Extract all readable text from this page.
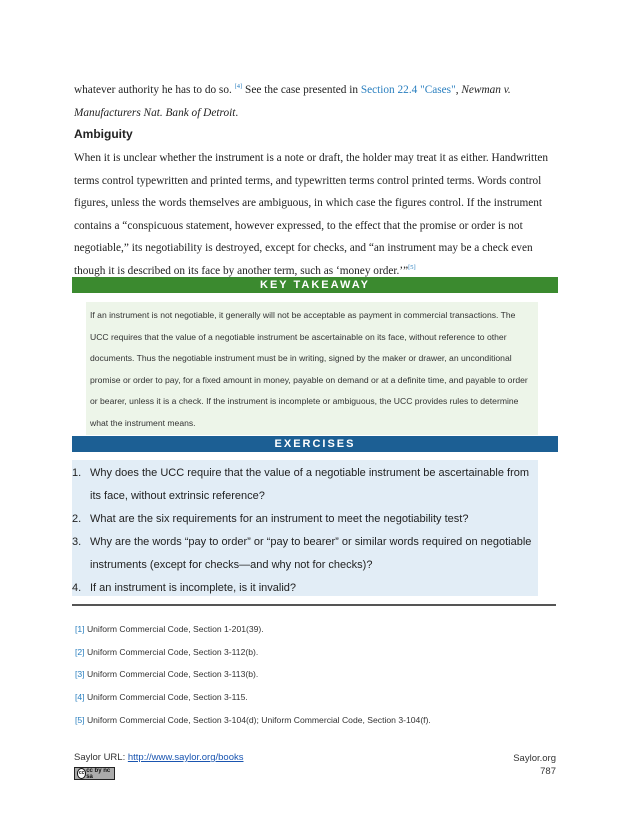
whatever authority he has to do so. [4] See the case presented in Section 22.4 "Cases", Newman v. Manufacturers Nat. Bank of Detroit.
Ambiguity
When it is unclear whether the instrument is a note or draft, the holder may treat it as either. Handwritten terms control typewritten and printed terms, and typewritten terms control printed terms. Words control figures, unless the words themselves are ambiguous, in which case the figures control. If the instrument contains a “conspicuous statement, however expressed, to the effect that the promise or order is not negotiable,” its negotiability is destroyed, except for checks, and “an instrument may be a check even though it is described on its face by another term, such as ‘money order.’”[5]
KEY TAKEAWAY
If an instrument is not negotiable, it generally will not be acceptable as payment in commercial transactions. The UCC requires that the value of a negotiable instrument be ascertainable on its face, without reference to other documents. Thus the negotiable instrument must be in writing, signed by the maker or drawer, an unconditional promise or order to pay, for a fixed amount in money, payable on demand or at a definite time, and payable to order or bearer, unless it is a check. If the instrument is incomplete or ambiguous, the UCC provides rules to determine what the instrument means.
EXERCISES
1. Why does the UCC require that the value of a negotiable instrument be ascertainable from its face, without extrinsic reference?
2. What are the six requirements for an instrument to meet the negotiability test?
3. Why are the words “pay to order” or “pay to bearer” or similar words required on negotiable instruments (except for checks—and why not for checks)?
4. If an instrument is incomplete, is it invalid?
[1] Uniform Commercial Code, Section 1-201(39).
[2] Uniform Commercial Code, Section 3-112(b).
[3] Uniform Commercial Code, Section 3-113(b).
[4] Uniform Commercial Code, Section 3-115.
[5] Uniform Commercial Code, Section 3-104(d); Uniform Commercial Code, Section 3-104(f).
Saylor URL: http://www.saylor.org/books
cc cc by nc sa
Saylor.org
787
